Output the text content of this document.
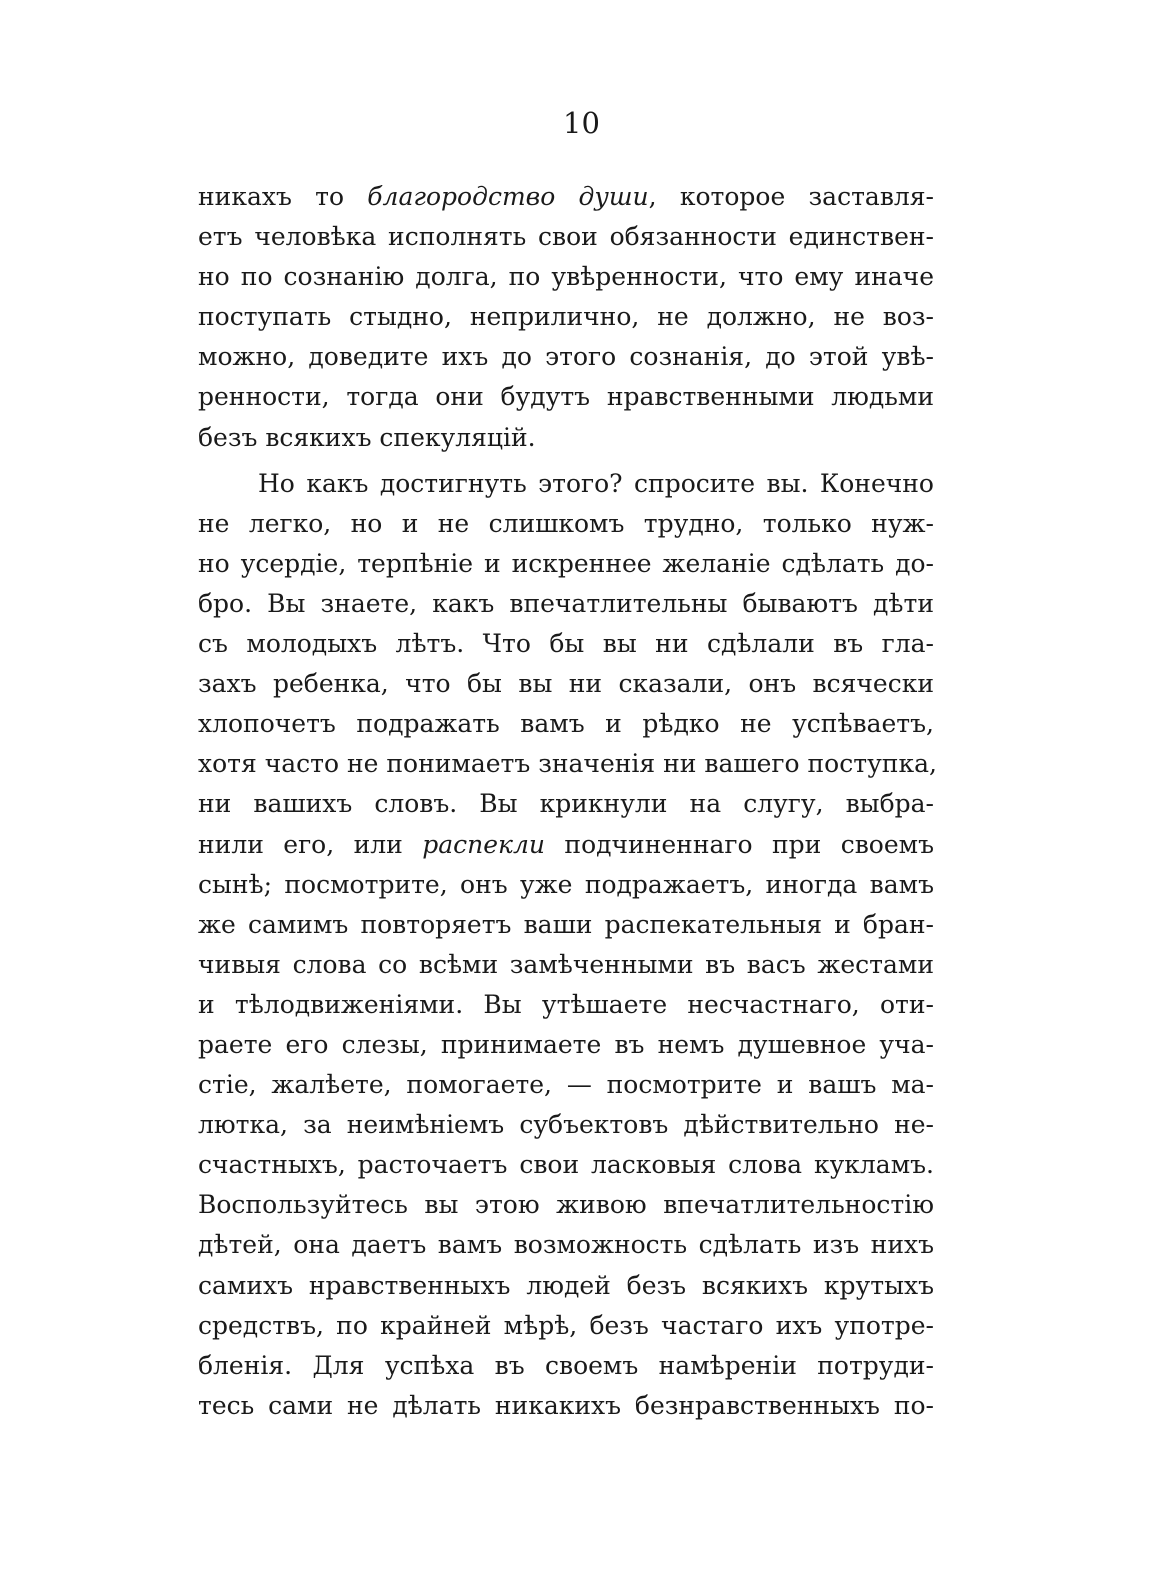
10
никахъ то благородство души, которое заставля-
етъ человѣка исполнять свои обязанности единствен-
но по сознанію долга, по увѣренности, что ему иначе
поступать стыдно, неприлично, не должно, не воз-
можно, доведите ихъ до этого сознанія, до этой увѣ-
ренности, тогда они будутъ нравственными людьми
безъ всякихъ спекуляцій.
Но какъ достигнуть этого? спросите вы. Конечно
не легко, но и не слишкомъ трудно, только нуж-
но усердіе, терпѣніе и искреннее желаніе сдѣлать до-
бро. Вы знаете, какъ впечатлительны бываютъ дѣти
съ молодыхъ лѣтъ. Что бы вы ни сдѣлали въ гла-
захъ ребенка, что бы вы ни сказали, онъ всячески
хлопочетъ подражать вамъ и рѣдко не успѣваетъ,
хотя часто не понимаетъ значенія ни вашего поступка,
ни вашихъ словъ. Вы крикнули на слугу, выбра-
нили его, или распекли подчиненнаго при своемъ
сынѣ; посмотрите, онъ уже подражаетъ, иногда вамъ
же самимъ повторяетъ ваши распекательныя и бран-
чивыя слова со всѣми замѣченными въ васъ жестами
и тѣлодвиженіями. Вы утѣшаете несчастнаго, оти-
раете его слезы, принимаете въ немъ душевное уча-
стіе, жалѣете, помогаете, — посмотрите и вашъ ма-
лютка, за неимѣніемъ субъектовъ дѣйствительно не-
счастныхъ, расточаетъ свои ласковыя слова кукламъ.
Воспользуйтесь вы этою живою впечатлительностію
дѣтей, она даетъ вамъ возможность сдѣлать изъ нихъ
самихъ нравственныхъ людей безъ всякихъ крутыхъ
средствъ, по крайней мѣрѣ, безъ частаго ихъ употре-
бленія. Для успѣха въ своемъ намѣреніи потруди-
тесь сами не дѣлать никакихъ безнравственныхъ по-
